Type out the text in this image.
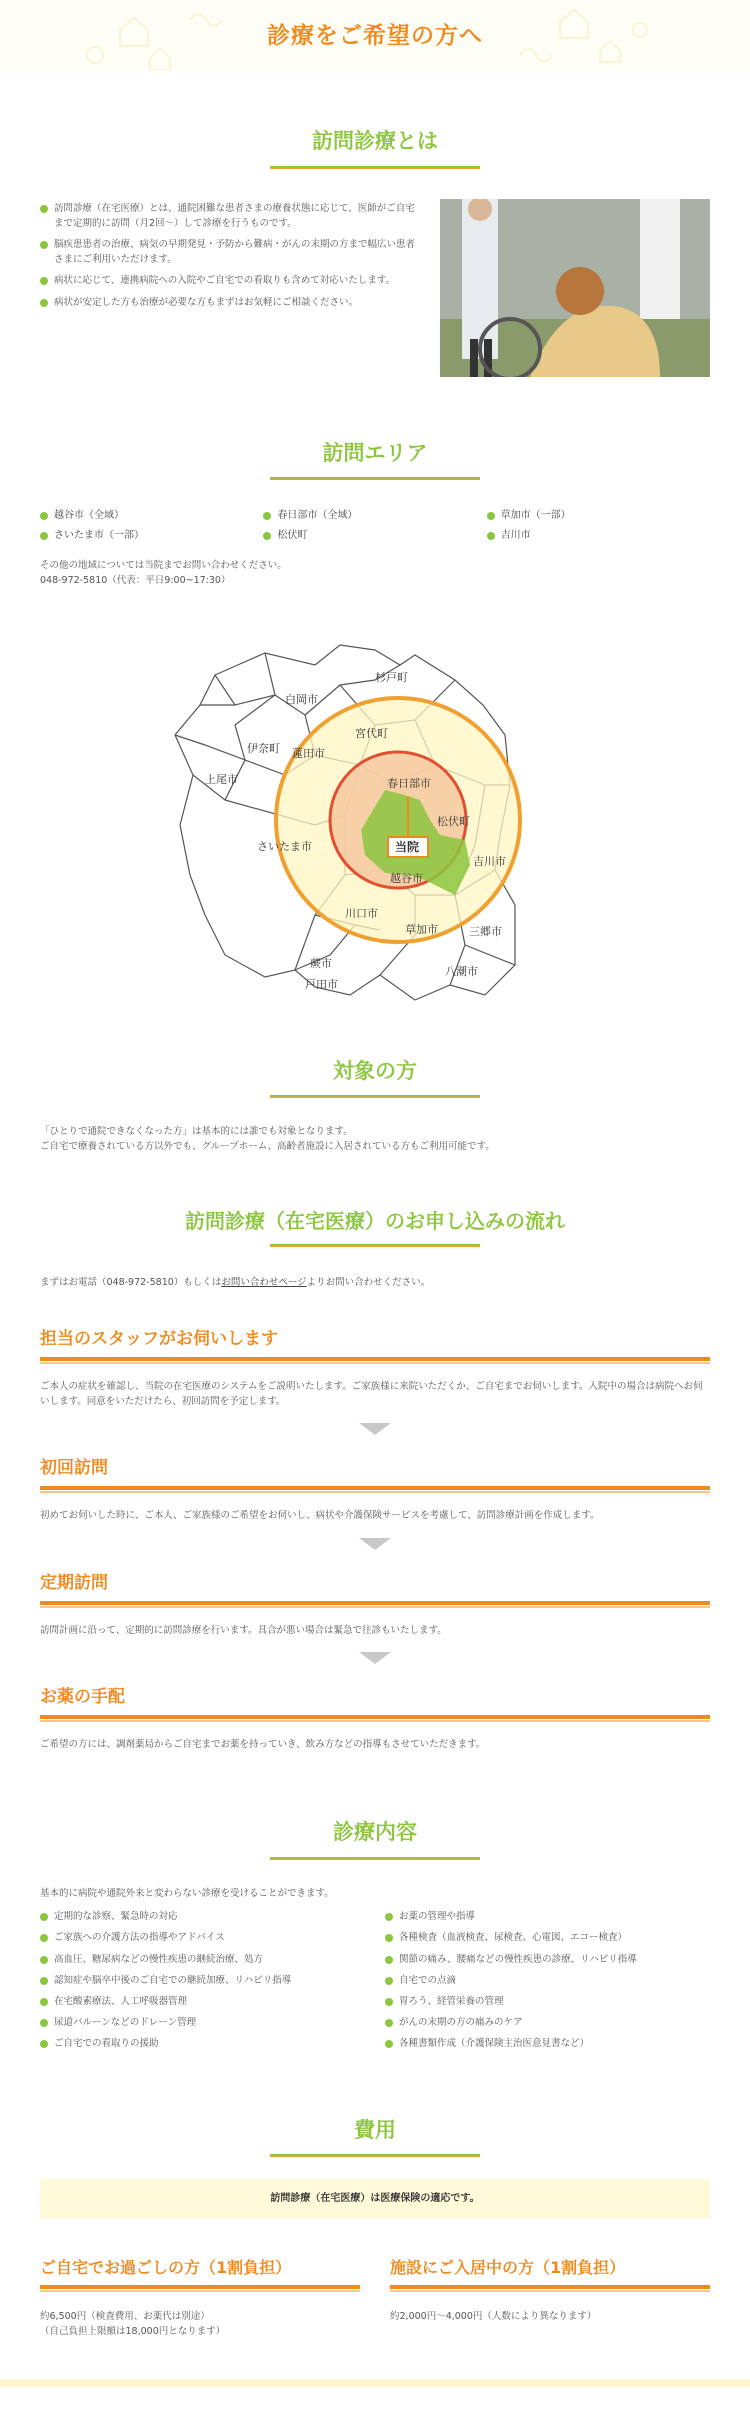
診療をご希望の方へ
訪問診療とは
訪問診療（在宅医療）とは、通院困難な患者さまの療養状態に応じて、医師がご自宅まで定期的に訪問（月2回～）して診療を行うものです。
脳疾患患者の治療、病気の早期発見・予防から難病・がんの末期の方まで幅広い患者さまにご利用いただけます。
病状に応じて、連携病院への入院やご自宅での看取りも含めて対応いたします。
病状が安定した方も治療が必要な方もまずはお気軽にご相談ください。
訪問エリア
越谷市（全域）	春日部市（全域）	草加市（一部）
さいたま市（一部）	松伏町	吉川市

その他の地域については当院までお問い合わせください。

048-972-5810（代表：平日9:00~17:30）

杉戸町
白岡市
宮代町
伊奈町 蓮田市
上尾市	春日部市
松伏町
さいたま市	当院
越谷市
吉川市
川口市
草加市	三郷市
蕨市
八潮市
戸田市
対象の方

「ひとりで通院できなくなった方」は基本的には誰でも対象となります。

ご自宅で療養されている方以外でも、グループホーム、高齢者施設に入居されている方もご利用可能です。

訪問診療（在宅医療）のお申し込みの流れ

まずはお電話（048-972-5810）もしくはお問い合わせページよりお問い合わせください。

担当のスタッフがお伺いします

ご本人の症状を確認し、当院の在宅医療のシステムをご説明いたします。ご家族様に来院いただくか、ご自宅までお伺いします。入院中の場合は病院へお伺いします。同意をいただけたら、初回訪問を予定します。

初回訪問

初めてお伺いした時に、ご本人、ご家族様のご希望をお伺いし、病状や介護保険サービスを考慮して、訪問診療計画を作成します。

定期訪問

訪問計画に沿って、定期的に訪問診療を行います。具合が悪い場合は緊急で往診もいたします。

お薬の手配

ご希望の方には、調剤薬局からご自宅までお薬を持っていき、飲み方などの指導もさせていただきます。

診療内容

基本的に病院や通院外来と変わらない診療を受けることができます。

定期的な診察、緊急時の対応
ご家族への介護方法の指導やアドバイス
高血圧、糖尿病などの慢性疾患の継続治療、処方
認知症や脳卒中後のご自宅での継続加療、リハビリ指導
在宅酸素療法、人工呼吸器管理
尿道バルーンなどのドレーン管理
ご自宅での看取りの援助
お薬の管理や指導
各種検査（血液検査、尿検査、心電図、エコー検査）
関節の痛み、腰痛などの慢性疾患の診療、リハビリ指導
自宅での点滴
胃ろう、経管栄養の管理
がんの末期の方の痛みのケア
各種書類作成（介護保険主治医意見書など）
費用
訪問診療（在宅医療）は医療保険の適応です。
ご自宅でお過ごしの方（1割負担）

約6,500円（検査費用、お薬代は別途）

（自己負担上限額は18,000円となります）

施設にご入居中の方（1割負担）

約2,000円～4,000円（人数により異なります）
